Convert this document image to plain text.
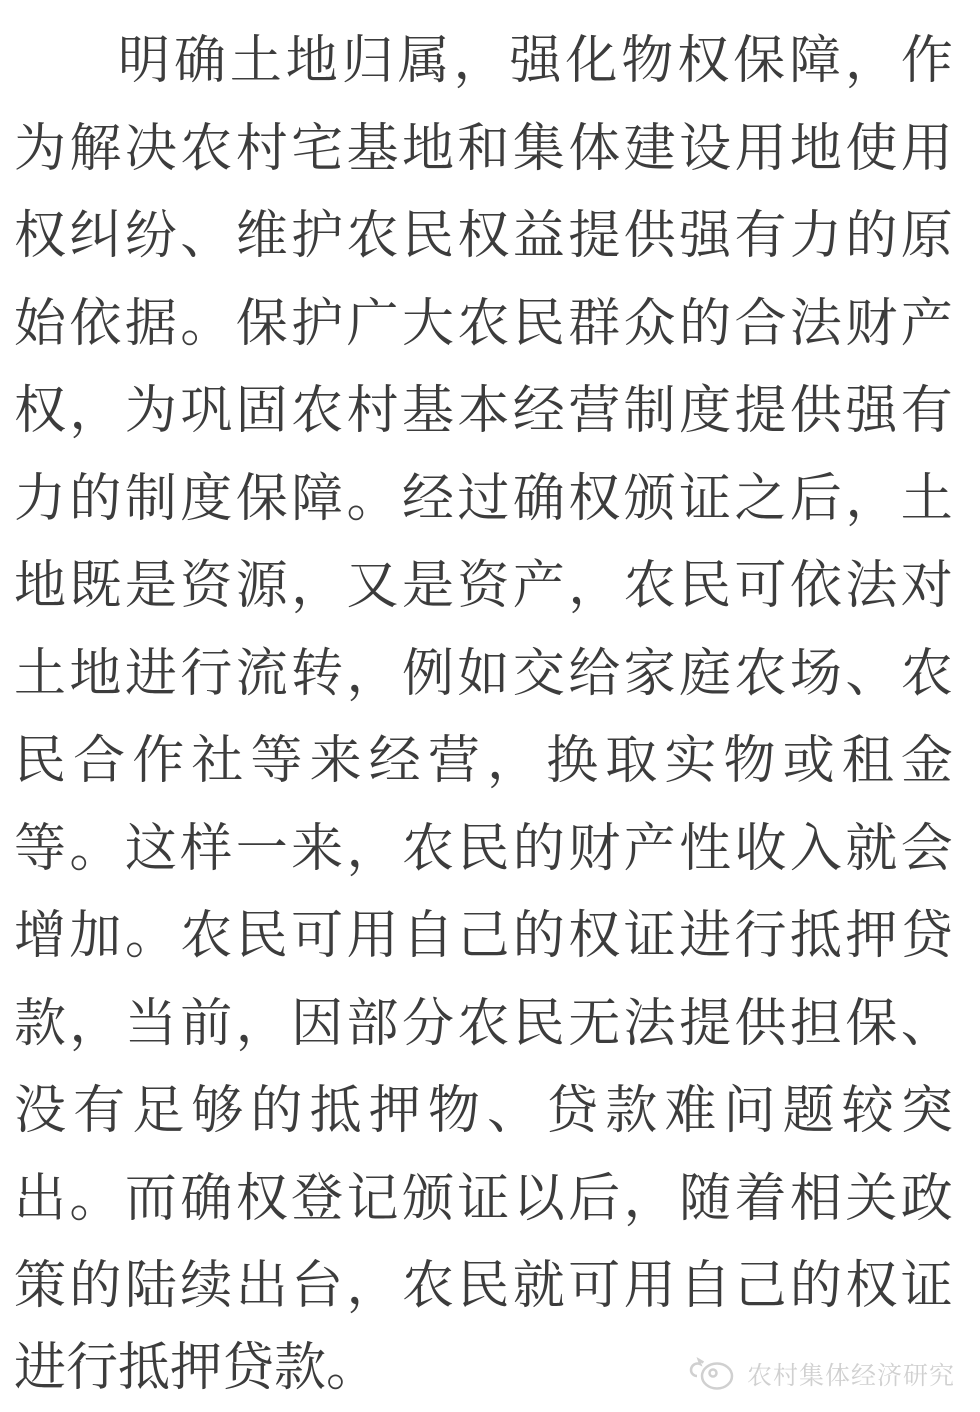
明 确 土 地 归 属 ， 强 化 物 权 保 障 ， 作
为 解 决 农 村 宅 基 地 和 集 体 建 设 用 地 使 用
权 纠 纷 、 维 护 农 民 权 益 提 供 强 有 力 的 原
始 依 据 。 保 护 广 大 农 民 群 众 的 合 法 财 产
权 ， 为 巩 固 农 村 基 本 经 营 制 度 提 供 强 有
力 的 制 度 保 障 。 经 过 确 权 颁 证 之 后 ， 土
地 既 是 资 源 ， 又 是 资 产 ， 农 民 可 依 法 对
土 地 进 行 流 转 ， 例 如 交 给 家 庭 农 场 、 农
民 合 作 社 等 来 经 营 ， 换 取 实 物 或 租 金
等 。 这 样 一 来 ， 农 民 的 财 产 性 收 入 就 会
增 加 。 农 民 可 用 自 己 的 权 证 进 行 抵 押 贷
款 ， 当 前 ， 因 部 分 农 民 无 法 提 供 担 保 、
没 有 足 够 的 抵 押 物 、 贷 款 难 问 题 较 突
出 。 而 确 权 登 记 颁 证 以 后 ， 随 着 相 关 政
策 的 陆 续 出 台 ， 农 民 就 可 用 自 己 的 权 证
进行抵押贷款。	农村集体经济研究
